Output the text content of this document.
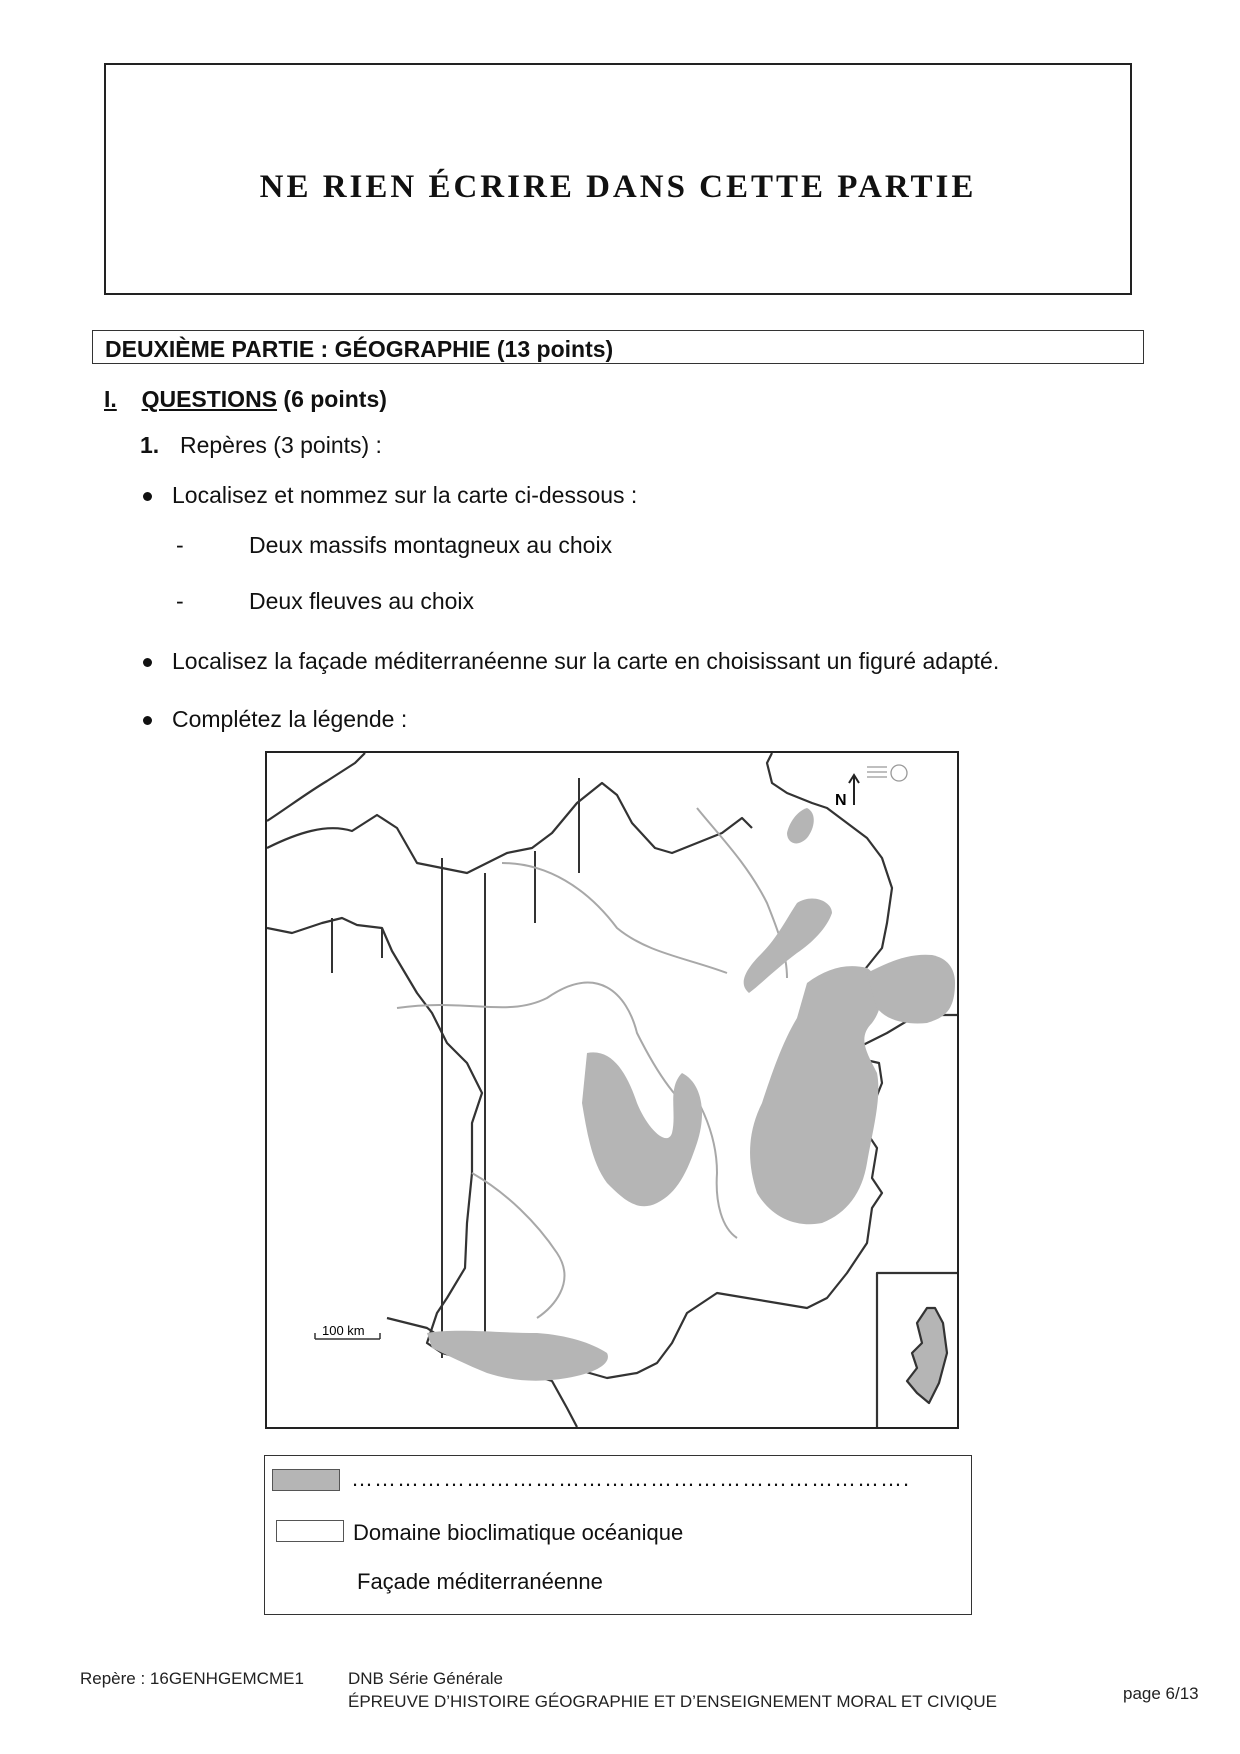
NE RIEN ÉCRIRE DANS CETTE PARTIE
DEUXIÈME PARTIE : GÉOGRAPHIE (13 points)
I. QUESTIONS (6 points)
1. Repères (3 points) :
Localisez et nommez sur la carte ci-dessous :
-	Deux massifs montagneux au choix
-	Deux fleuves au choix
Localisez la façade méditerranéenne sur la carte en choisissant un figuré adapté.
Complétez la légende :
N
100 km
……………………………………………………………….
Domaine bioclimatique océanique
Façade méditerranéenne
Repère : 16GENHGEMCME1	DNB Série Générale
ÉPREUVE D’HISTOIRE GÉOGRAPHIE ET D’ENSEIGNEMENT MORAL ET CIVIQUE	page 6/13
